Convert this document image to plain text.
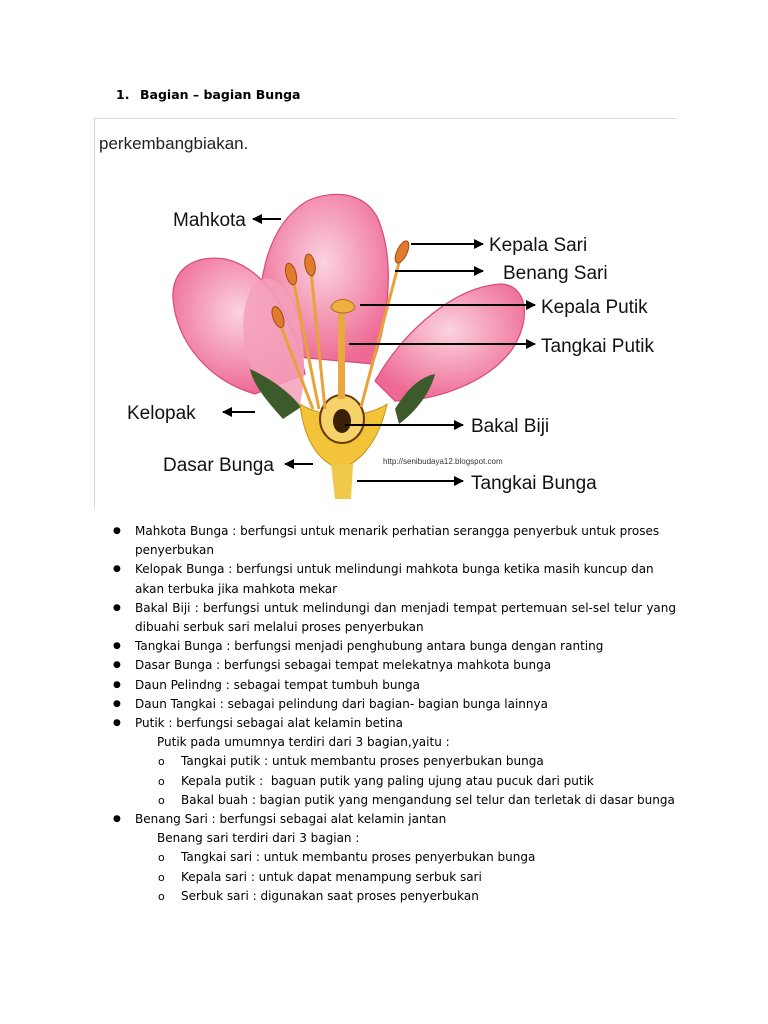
1. Bagian – bagian Bunga
perkembangbiakan.
Mahkota
Kepala Sari
Benang Sari
Kepala Putik
Tangkai Putik
Kelopak
Bakal Biji
Dasar Bunga
Tangkai Bunga
http://senibudaya12.blogspot.com
● Mahkota Bunga : berfungsi untuk menarik perhatian serangga penyerbuk untuk proses penyerbukan
● Kelopak Bunga : berfungsi untuk melindungi mahkota bunga ketika masih kuncup dan akan terbuka jika mahkota mekar
● Bakal Biji : berfungsi untuk melindungi dan menjadi tempat pertemuan sel-sel telur yang dibuahi serbuk sari melalui proses penyerbukan
● Tangkai Bunga : berfungsi menjadi penghubung antara bunga dengan ranting
● Dasar Bunga : berfungsi sebagai tempat melekatnya mahkota bunga
● Daun Pelindng : sebagai tempat tumbuh bunga
● Daun Tangkai : sebagai pelindung dari bagian- bagian bunga lainnya
● Putik : berfungsi sebagai alat kelamin betina
Putik pada umumnya terdiri dari 3 bagian,yaitu :
o Tangkai putik : untuk membantu proses penyerbukan bunga
o Kepala putik :  baguan putik yang paling ujung atau pucuk dari putik
o Bakal buah : bagian putik yang mengandung sel telur dan terletak di dasar bunga
● Benang Sari : berfungsi sebagai alat kelamin jantan
Benang sari terdiri dari 3 bagian :
o Tangkai sari : untuk membantu proses penyerbukan bunga
o Kepala sari : untuk dapat menampung serbuk sari
o Serbuk sari : digunakan saat proses penyerbukan
